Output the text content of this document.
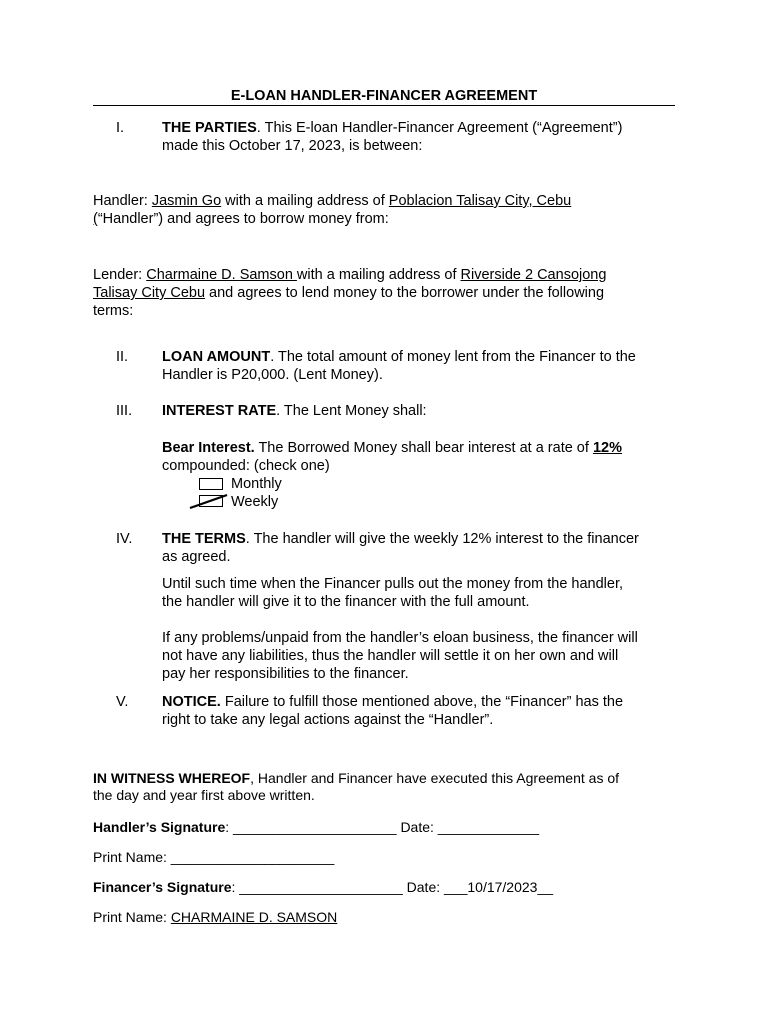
E-LOAN HANDLER-FINANCER AGREEMENT
I.	THE PARTIES. This E-loan Handler-Financer Agreement (“Agreement”)
made this October 17, 2023, is between:
Handler: Jasmin Go with a mailing address of Poblacion Talisay City, Cebu
(“Handler”) and agrees to borrow money from:
Lender: Charmaine D. Samson with a mailing address of Riverside 2 Cansojong
Talisay City Cebu and agrees to lend money to the borrower under the following
terms:
II. LOAN AMOUNT. The total amount of money lent from the Financer to the
Handler is P20,000. (Lent Money).
III. INTEREST RATE. The Lent Money shall:
Bear Interest. The Borrowed Money shall bear interest at a rate of 12%
compounded: (check one)
Monthly
Weekly
IV. THE TERMS. The handler will give the weekly 12% interest to the financer
as agreed.
Until such time when the Financer pulls out the money from the handler,
the handler will give it to the financer with the full amount.
If any problems/unpaid from the handler’s eloan business, the financer will
not have any liabilities, thus the handler will settle it on her own and will
pay her responsibilities to the financer.
V. NOTICE. Failure to fulfill those mentioned above, the “Financer” has the
right to take any legal actions against the “Handler”.
IN WITNESS WHEREOF, Handler and Financer have executed this Agreement as of
the day and year first above written.
Handler’s Signature: _____________________ Date: _____________
Print Name: _____________________
Financer’s Signature: _____________________ Date: ___10/17/2023__
Print Name: CHARMAINE D. SAMSON
